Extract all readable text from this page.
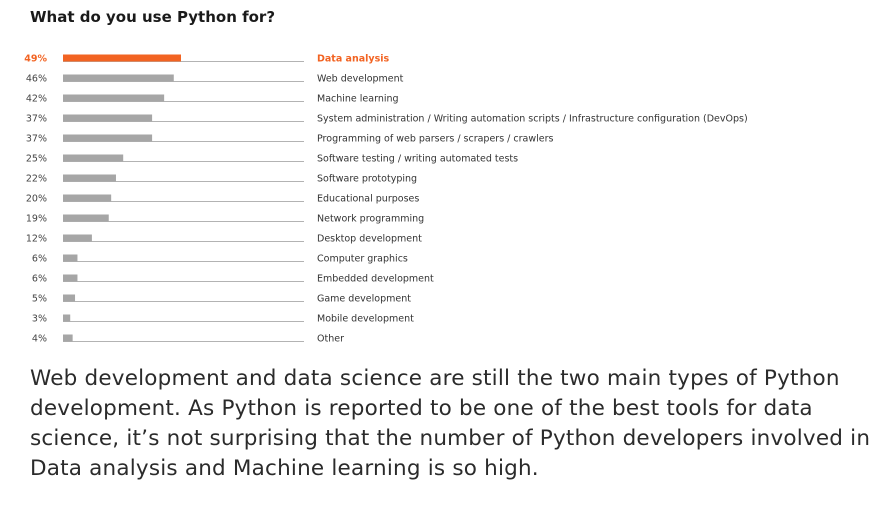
What do you use Python for?
49%	Data analysis
46%	Web development
42%	Machine learning
37%	System administration / Writing automation scripts / Infrastructure configuration (DevOps)
37%	Programming of web parsers / scrapers / crawlers
25%	Software testing / writing automated tests
22%	Software prototyping
20%	Educational purposes
19%	Network programming
12%	Desktop development
6%	Computer graphics
6%	Embedded development
5%	Game development
3%	Mobile development
4%	Other

Web development and data science are still the two main types of Python development. As Python is reported to be one of the best tools for data science, it’s not surprising that the number of Python developers involved in Data analysis and Machine learning is so high.
